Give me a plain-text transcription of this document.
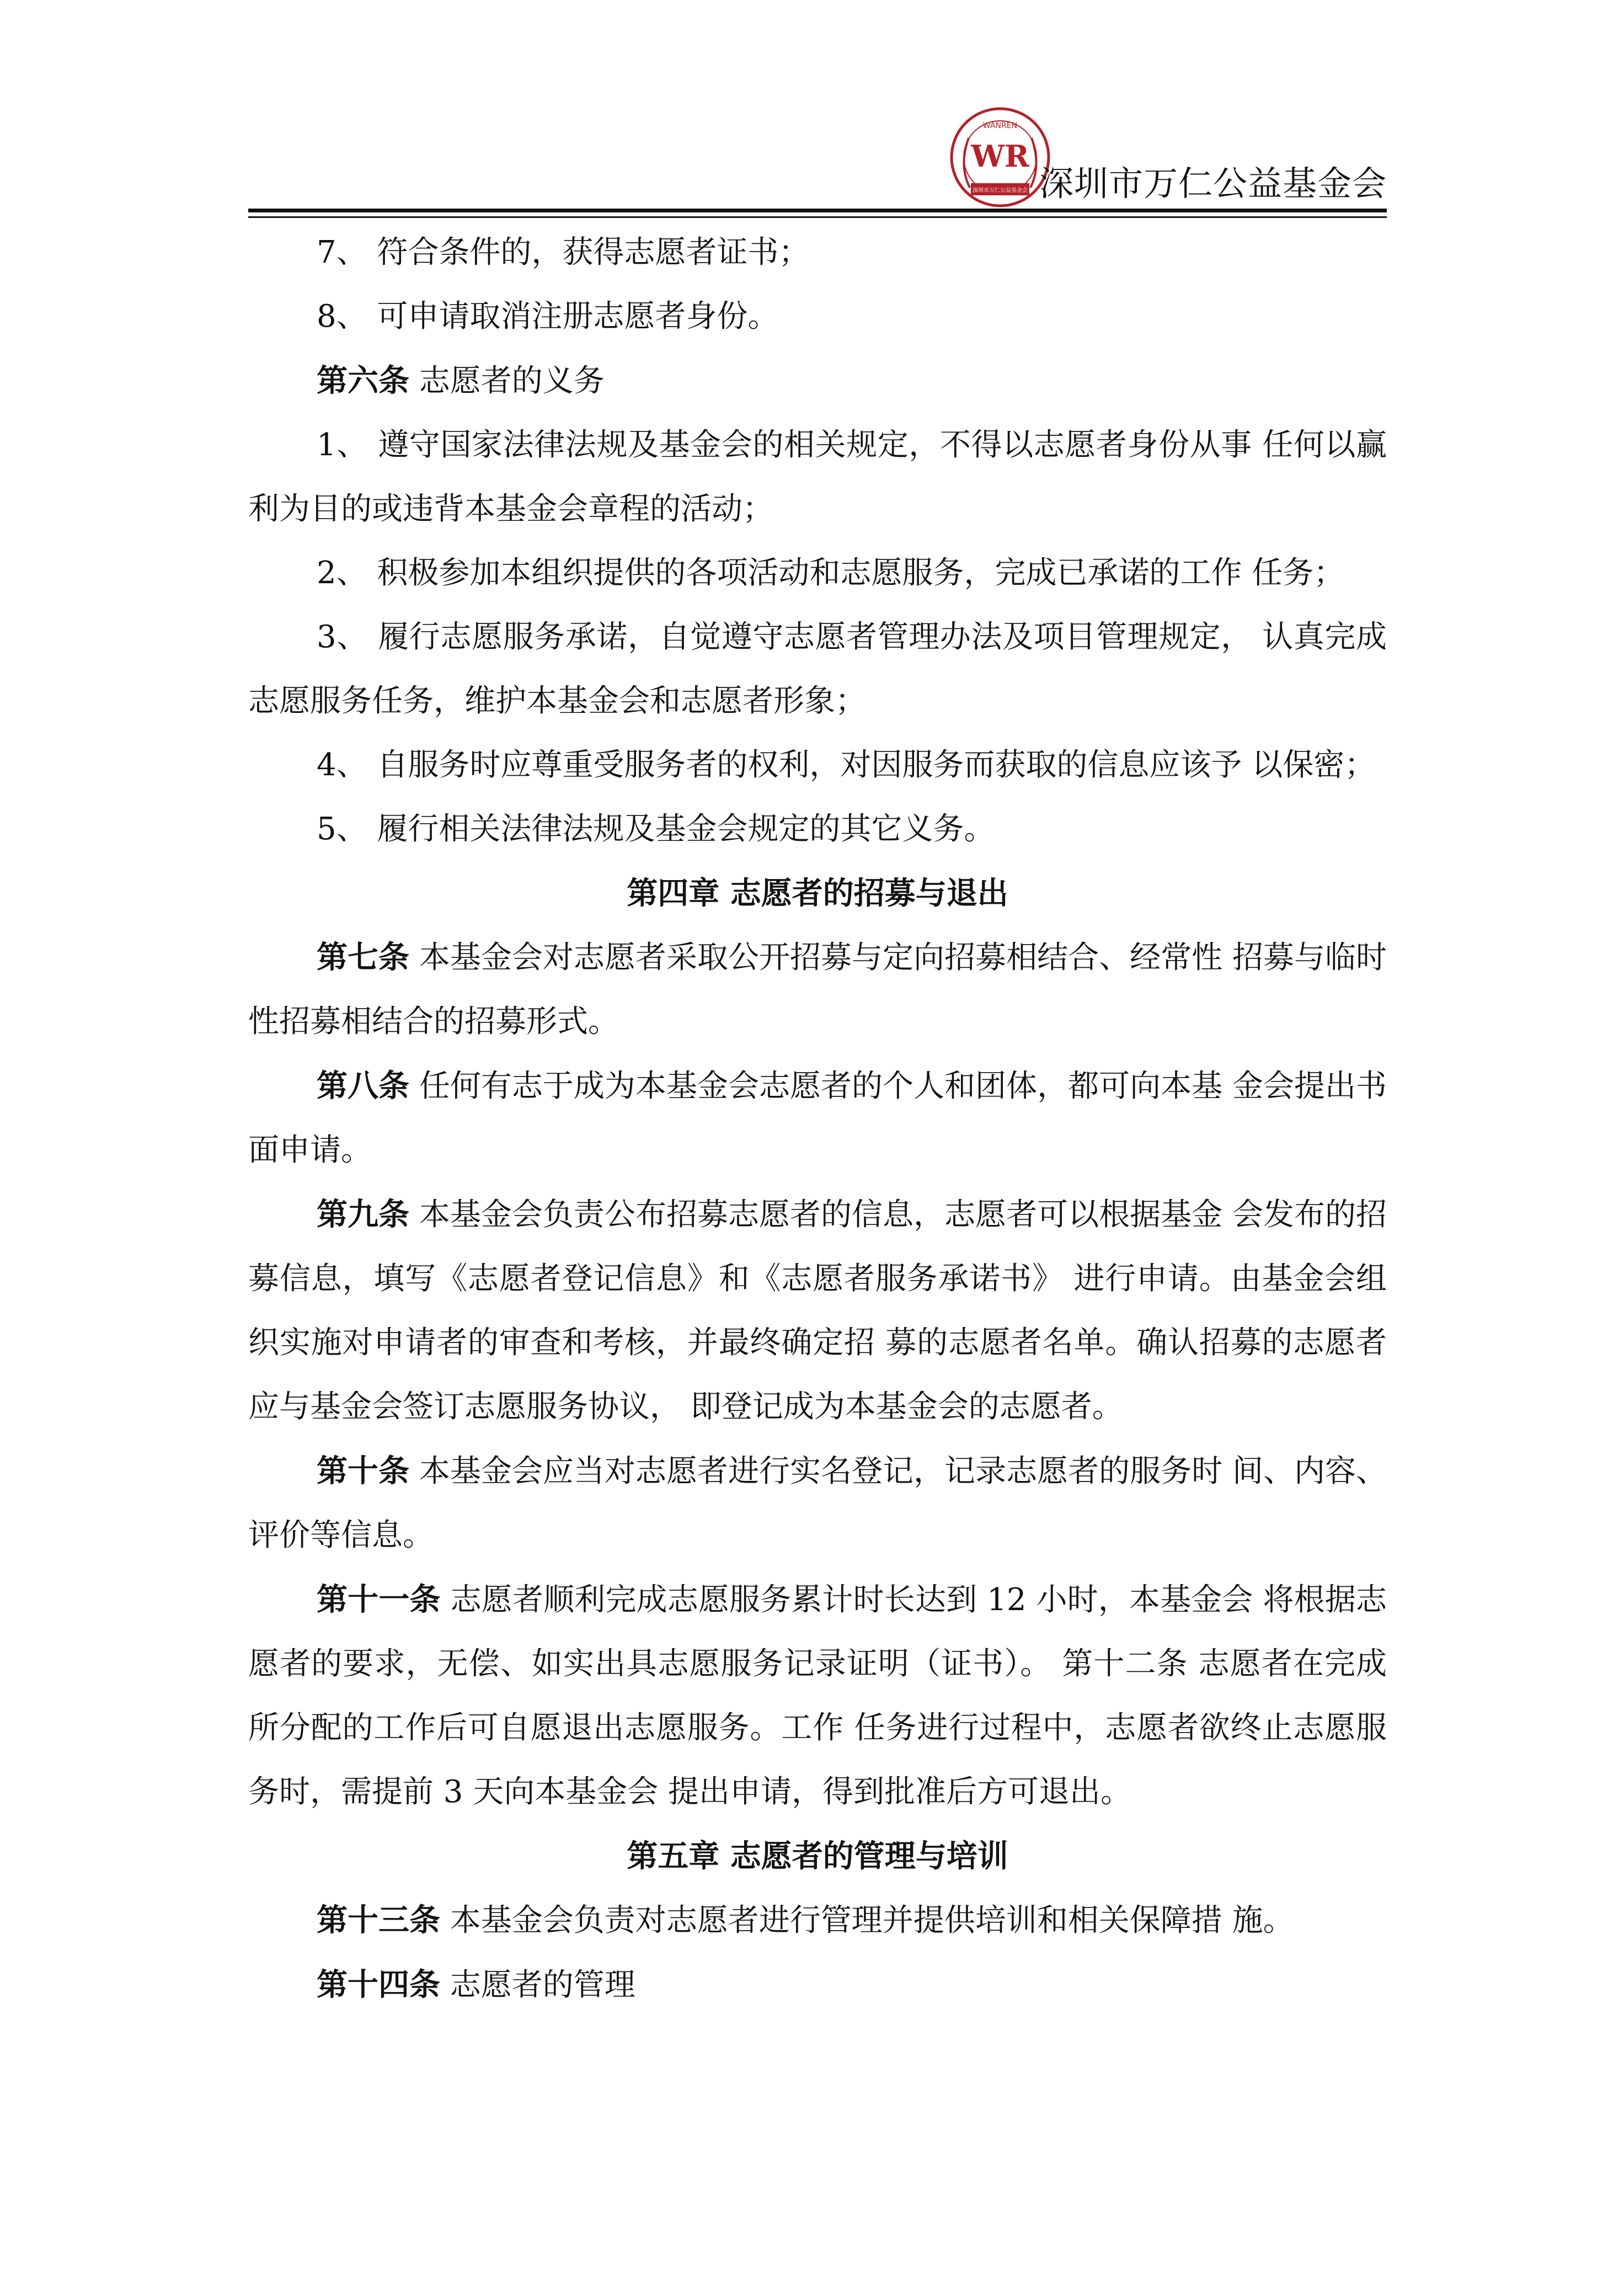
WANREN
WR
深圳市万仁公益基金会 深圳市万仁公益基金会

7、 符合条件的，获得志愿者证书；

8、 可申请取消注册志愿者身份。

第六条 志愿者的义务

1、 遵守国家法律法规及基金会的相关规定，不得以志愿者身份从事 任何以赢利为目的或违背本基金会章程的活动；

2、 积极参加本组织提供的各项活动和志愿服务，完成已承诺的工作 任务；

3、 履行志愿服务承诺，自觉遵守志愿者管理办法及项目管理规定， 认真完成志愿服务任务，维护本基金会和志愿者形象；

4、 自服务时应尊重受服务者的权利，对因服务而获取的信息应该予 以保密；

5、 履行相关法律法规及基金会规定的其它义务。

第四章 志愿者的招募与退出

第七条 本基金会对志愿者采取公开招募与定向招募相结合、经常性 招募与临时性招募相结合的招募形式。

第八条 任何有志于成为本基金会志愿者的个人和团体，都可向本基 金会提出书面申请。

第九条 本基金会负责公布招募志愿者的信息，志愿者可以根据基金 会发布的招募信息，填写《志愿者登记信息》和《志愿者服务承诺书》 进行申请。由基金会组织实施对申请者的审查和考核，并最终确定招 募的志愿者名单。确认招募的志愿者应与基金会签订志愿服务协议， 即登记成为本基金会的志愿者。

第十条 本基金会应当对志愿者进行实名登记，记录志愿者的服务时 间、内容、评价等信息。

第十一条 志愿者顺利完成志愿服务累计时长达到 12 小时，本基金会 将根据志愿者的要求，无偿、如实出具志愿服务记录证明（证书）。 第十二条 志愿者在完成所分配的工作后可自愿退出志愿服务。工作 任务进行过程中，志愿者欲终止志愿服务时，需提前 3 天向本基金会 提出申请，得到批准后方可退出。

第五章 志愿者的管理与培训

第十三条 本基金会负责对志愿者进行管理并提供培训和相关保障措 施。

第十四条 志愿者的管理
